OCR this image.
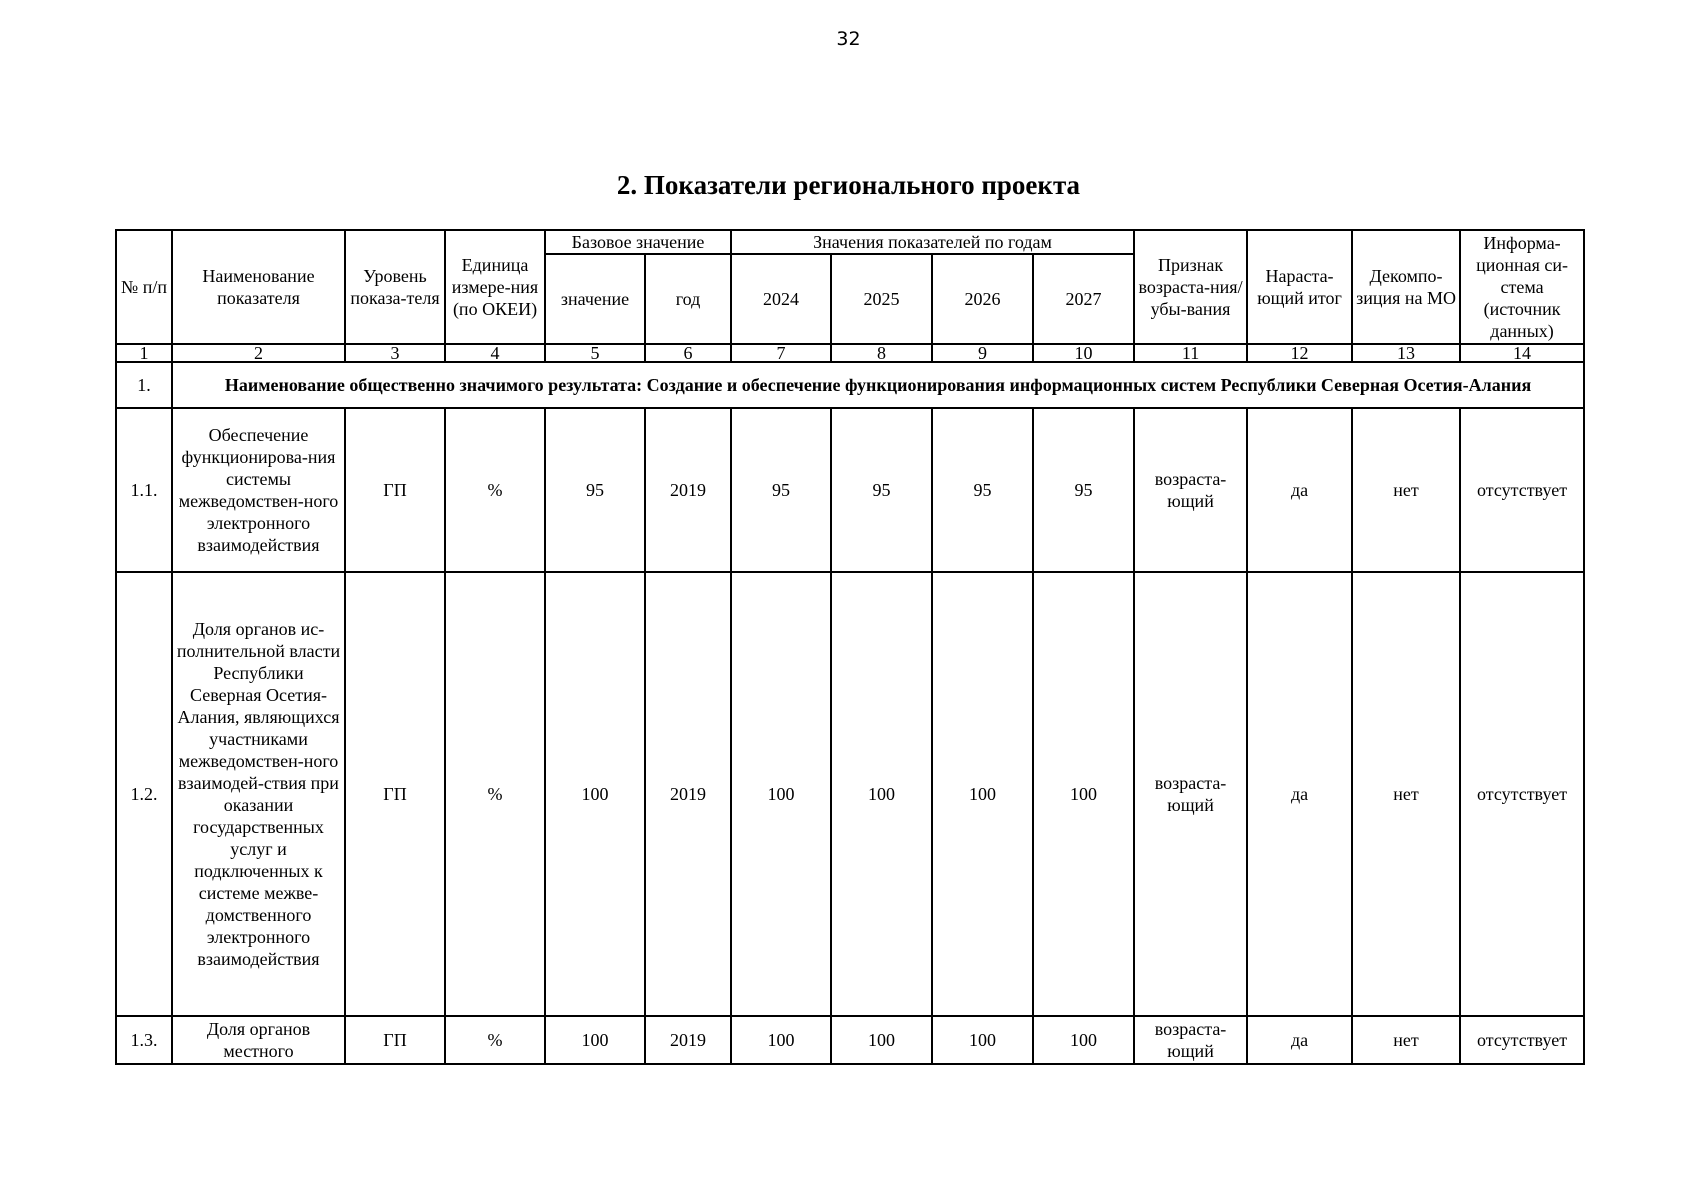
32
2. Показатели регионального проекта
№ п/п	Наименование показателя	Уровень показа-теля	Единица измере-ния (по ОКЕИ)	Базовое значение		Значения показателей по годам				Признак возраста-ния/ убы-вания	Нараста-ющий итог	Декомпо-зиция на МО	Информа-ционная си-стема (источник данных)
				значение	год	2024	2025	2026	2027				
1	2	3	4	5	6	7	8	9	10	11	12	13	14
1.	Наименование общественно значимого результата: Создание и обеспечение функционирования информационных систем Республики Северная Осетия-Алания												
1.1.	Обеспечение функционирова-ния системы межведомствен-ного электронного взаимодействия	ГП	%	95	2019	95	95	95	95	возраста-ющий	да	нет	отсутствует
1.2.	Доля органов ис-полнительной власти Республики Северная Осетия-Алания, являющихся участниками межведомствен-ного взаимодей-ствия при оказании государственных услуг и подключенных к системе межве-домственного электронного взаимодействия	ГП	%	100	2019	100	100	100	100	возраста-ющий	да	нет	отсутствует
1.3.	Доля органов местного	ГП	%	100	2019	100	100	100	100	возраста-ющий	да	нет	отсутствует
